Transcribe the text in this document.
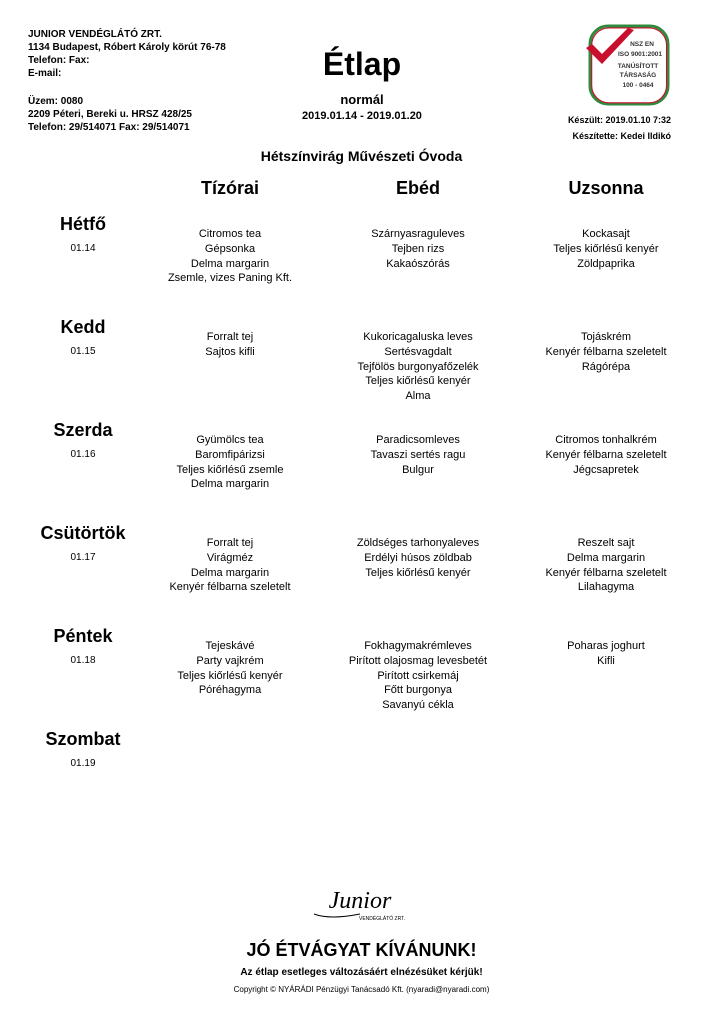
JUNIOR VENDÉGLÁTÓ ZRT.
1134 Budapest, Róbert Károly körút 76-78
Telefon: Fax:
E-mail:
Üzem: 0080
2209 Péteri, Bereki u. HRSZ 428/25
Telefon: 29/514071 Fax: 29/514071
Étlap
normál
2019.01.14 - 2019.01.20
NSZ EN
ISO 9001:2001
TANÚSÍTOTT
TÁRSASÁG
100 - 0464
Készült: 2019.01.10 7:32
Készítette: Kedei Ildikó
Hétszínvirág Művészeti Óvoda
Tízórai	Ebéd	Uzsonna
Hétfő
01.14
Citromos tea
Gépsonka
Delma margarin
Zsemle, vizes Paning Kft.
Szárnyasraguleves
Tejben rizs
Kakaószórás
Kockasajt
Teljes kiőrlésű kenyér
Zöldpaprika
Kedd
01.15
Forralt tej
Sajtos kifli
Kukoricagaluska leves
Sertésvagdalt
Tejfölös burgonyafőzelék
Teljes kiőrlésű kenyér
Alma
Tojáskrém
Kenyér félbarna szeletelt
Rágórépa
Szerda
01.16
Gyümölcs tea
Baromfipárizsi
Teljes kiőrlésű zsemle
Delma margarin
Paradicsomleves
Tavaszi sertés ragu
Bulgur
Citromos tonhalkrém
Kenyér félbarna szeletelt
Jégcsapretek
Csütörtök
01.17
Forralt tej
Virágméz
Delma margarin
Kenyér félbarna szeletelt
Zöldséges tarhonyaleves
Erdélyi húsos zöldbab
Teljes kiőrlésű kenyér
Reszelt sajt
Delma margarin
Kenyér félbarna szeletelt
Lilahagyma
Péntek
01.18
Tejeskávé
Party vajkrém
Teljes kiőrlésű kenyér
Póréhagyma
Fokhagymakrémleves
Pirított olajosmag levesbetét
Pirított csirkemáj
Főtt burgonya
Savanyú cékla
Poharas joghurt
Kifli
Szombat
01.19
Junior
VENDÉGLÁTÓ ZRT.
JÓ ÉTVÁGYAT KÍVÁNUNK!
Az étlap esetleges változásáért elnézésüket kérjük!
Copyright © NYÁRÁDI Pénzügyi Tanácsadó Kft. (nyaradi@nyaradi.com)
